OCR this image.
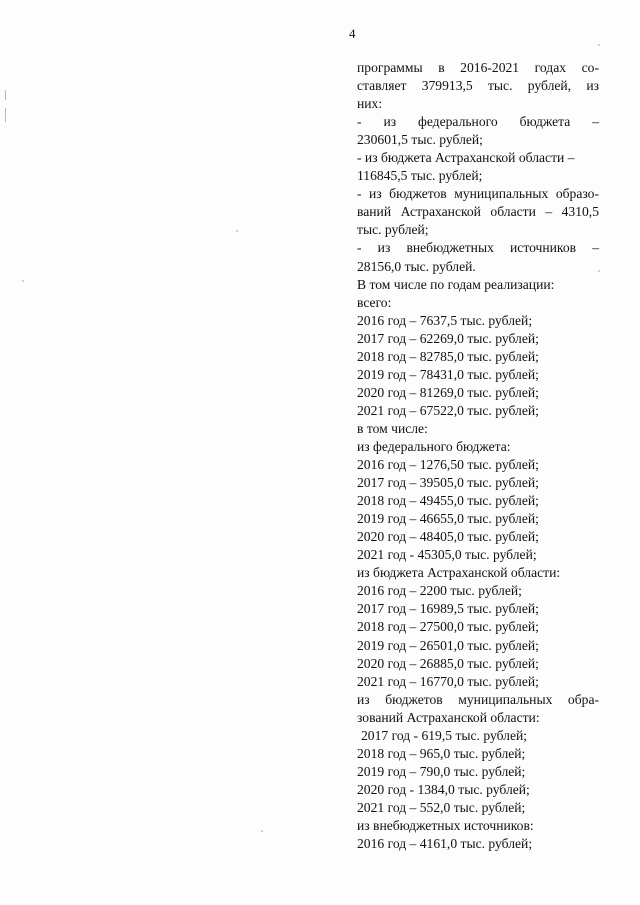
4
программы в 2016-2021 годах со-
ставляет 379913,5 тыс. рублей, из
них:
- из федерального бюджета –
230601,5 тыс. рублей;
- из бюджета Астраханской области –
116845,5 тыс. рублей;
- из бюджетов муниципальных образо-
ваний Астраханской области – 4310,5
тыс. рублей;
- из внебюджетных источников –
28156,0 тыс. рублей.
В том числе по годам реализации:
всего:
2016 год – 7637,5 тыс. рублей;
2017 год – 62269,0 тыс. рублей;
2018 год – 82785,0 тыс. рублей;
2019 год – 78431,0 тыс. рублей;
2020 год – 81269,0 тыс. рублей;
2021 год – 67522,0 тыс. рублей;
в том числе:
из федерального бюджета:
2016 год – 1276,50 тыс. рублей;
2017 год – 39505,0 тыс. рублей;
2018 год – 49455,0 тыс. рублей;
2019 год – 46655,0 тыс. рублей;
2020 год – 48405,0 тыс. рублей;
2021 год - 45305,0 тыс. рублей;
из бюджета Астраханской области:
2016 год – 2200 тыс. рублей;
2017 год – 16989,5 тыс. рублей;
2018 год – 27500,0 тыс. рублей;
2019 год – 26501,0 тыс. рублей;
2020 год – 26885,0 тыс. рублей;
2021 год – 16770,0 тыс. рублей;
из бюджетов муниципальных обра-
зований Астраханской области:
2017 год - 619,5 тыс. рублей;
2018 год – 965,0 тыс. рублей;
2019 год – 790,0 тыс. рублей;
2020 год - 1384,0 тыс. рублей;
2021 год – 552,0 тыс. рублей;
из внебюджетных источников:
2016 год – 4161,0 тыс. рублей;
